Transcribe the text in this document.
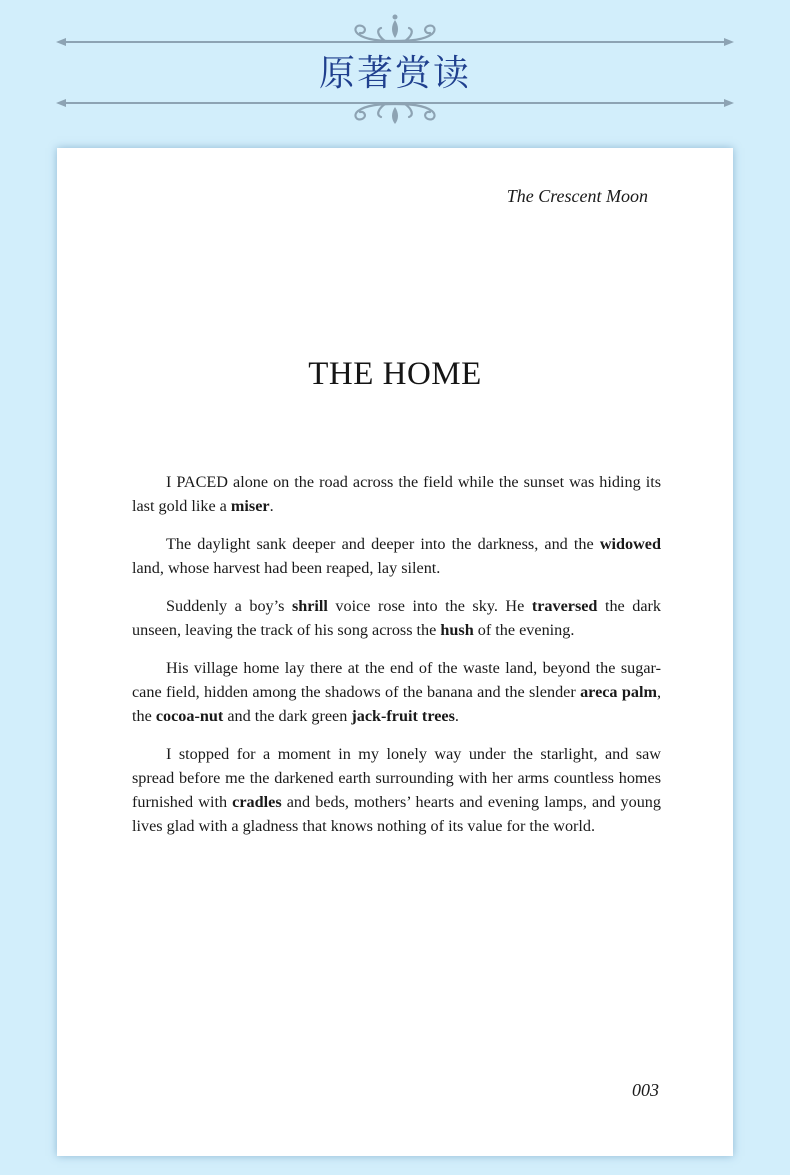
原著赏读
The Crescent Moon
THE HOME

I PACED alone on the road across the field while the sunset was hiding its last gold like a miser.

The daylight sank deeper and deeper into the darkness, and the widowed land, whose harvest had been reaped, lay silent.

Suddenly a boy’s shrill voice rose into the sky. He traversed the dark unseen, leaving the track of his song across the hush of the evening.

His village home lay there at the end of the waste land, beyond the sugar-cane field, hidden among the shadows of the banana and the slender areca palm, the cocoa-nut and the dark green jack-fruit trees.

I stopped for a moment in my lonely way under the starlight, and saw spread before me the darkened earth surrounding with her arms countless homes furnished with cradles and beds, mothers’ hearts and evening lamps, and young lives glad with a gladness that knows nothing of its value for the world.

003
